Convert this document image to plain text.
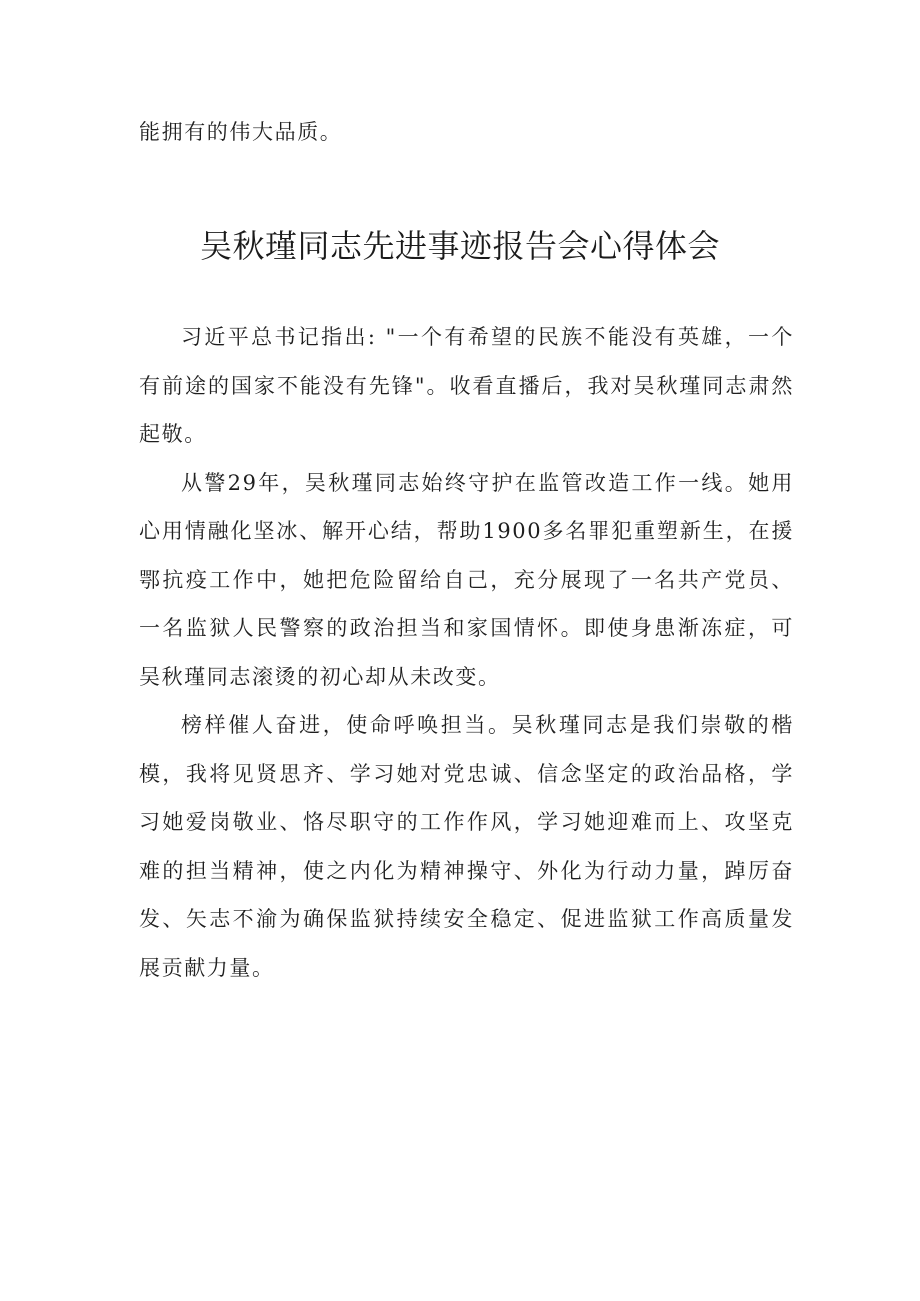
能拥有的伟大品质。

吴秋瑾同志先进事迹报告会心得体会

习近平总书记指出: "一个有希望的民族不能没有英雄，一个有前途的国家不能没有先锋"。收看直播后，我对吴秋瑾同志肃然起敬。

从警29年，吴秋瑾同志始终守护在监管改造工作一线。她用心用情融化坚冰、解开心结，帮助1900多名罪犯重塑新生，在援鄂抗疫工作中，她把危险留给自己，充分展现了一名共产党员、一名监狱人民警察的政治担当和家国情怀。即使身患渐冻症，可吴秋瑾同志滚烫的初心却从未改变。

榜样催人奋进，使命呼唤担当。吴秋瑾同志是我们崇敬的楷模，我将见贤思齐、学习她对党忠诚、信念坚定的政治品格，学习她爱岗敬业、恪尽职守的工作作风，学习她迎难而上、攻坚克难的担当精神，使之内化为精神操守、外化为行动力量，踔厉奋发、矢志不渝为确保监狱持续安全稳定、促进监狱工作高质量发展贡献力量。
